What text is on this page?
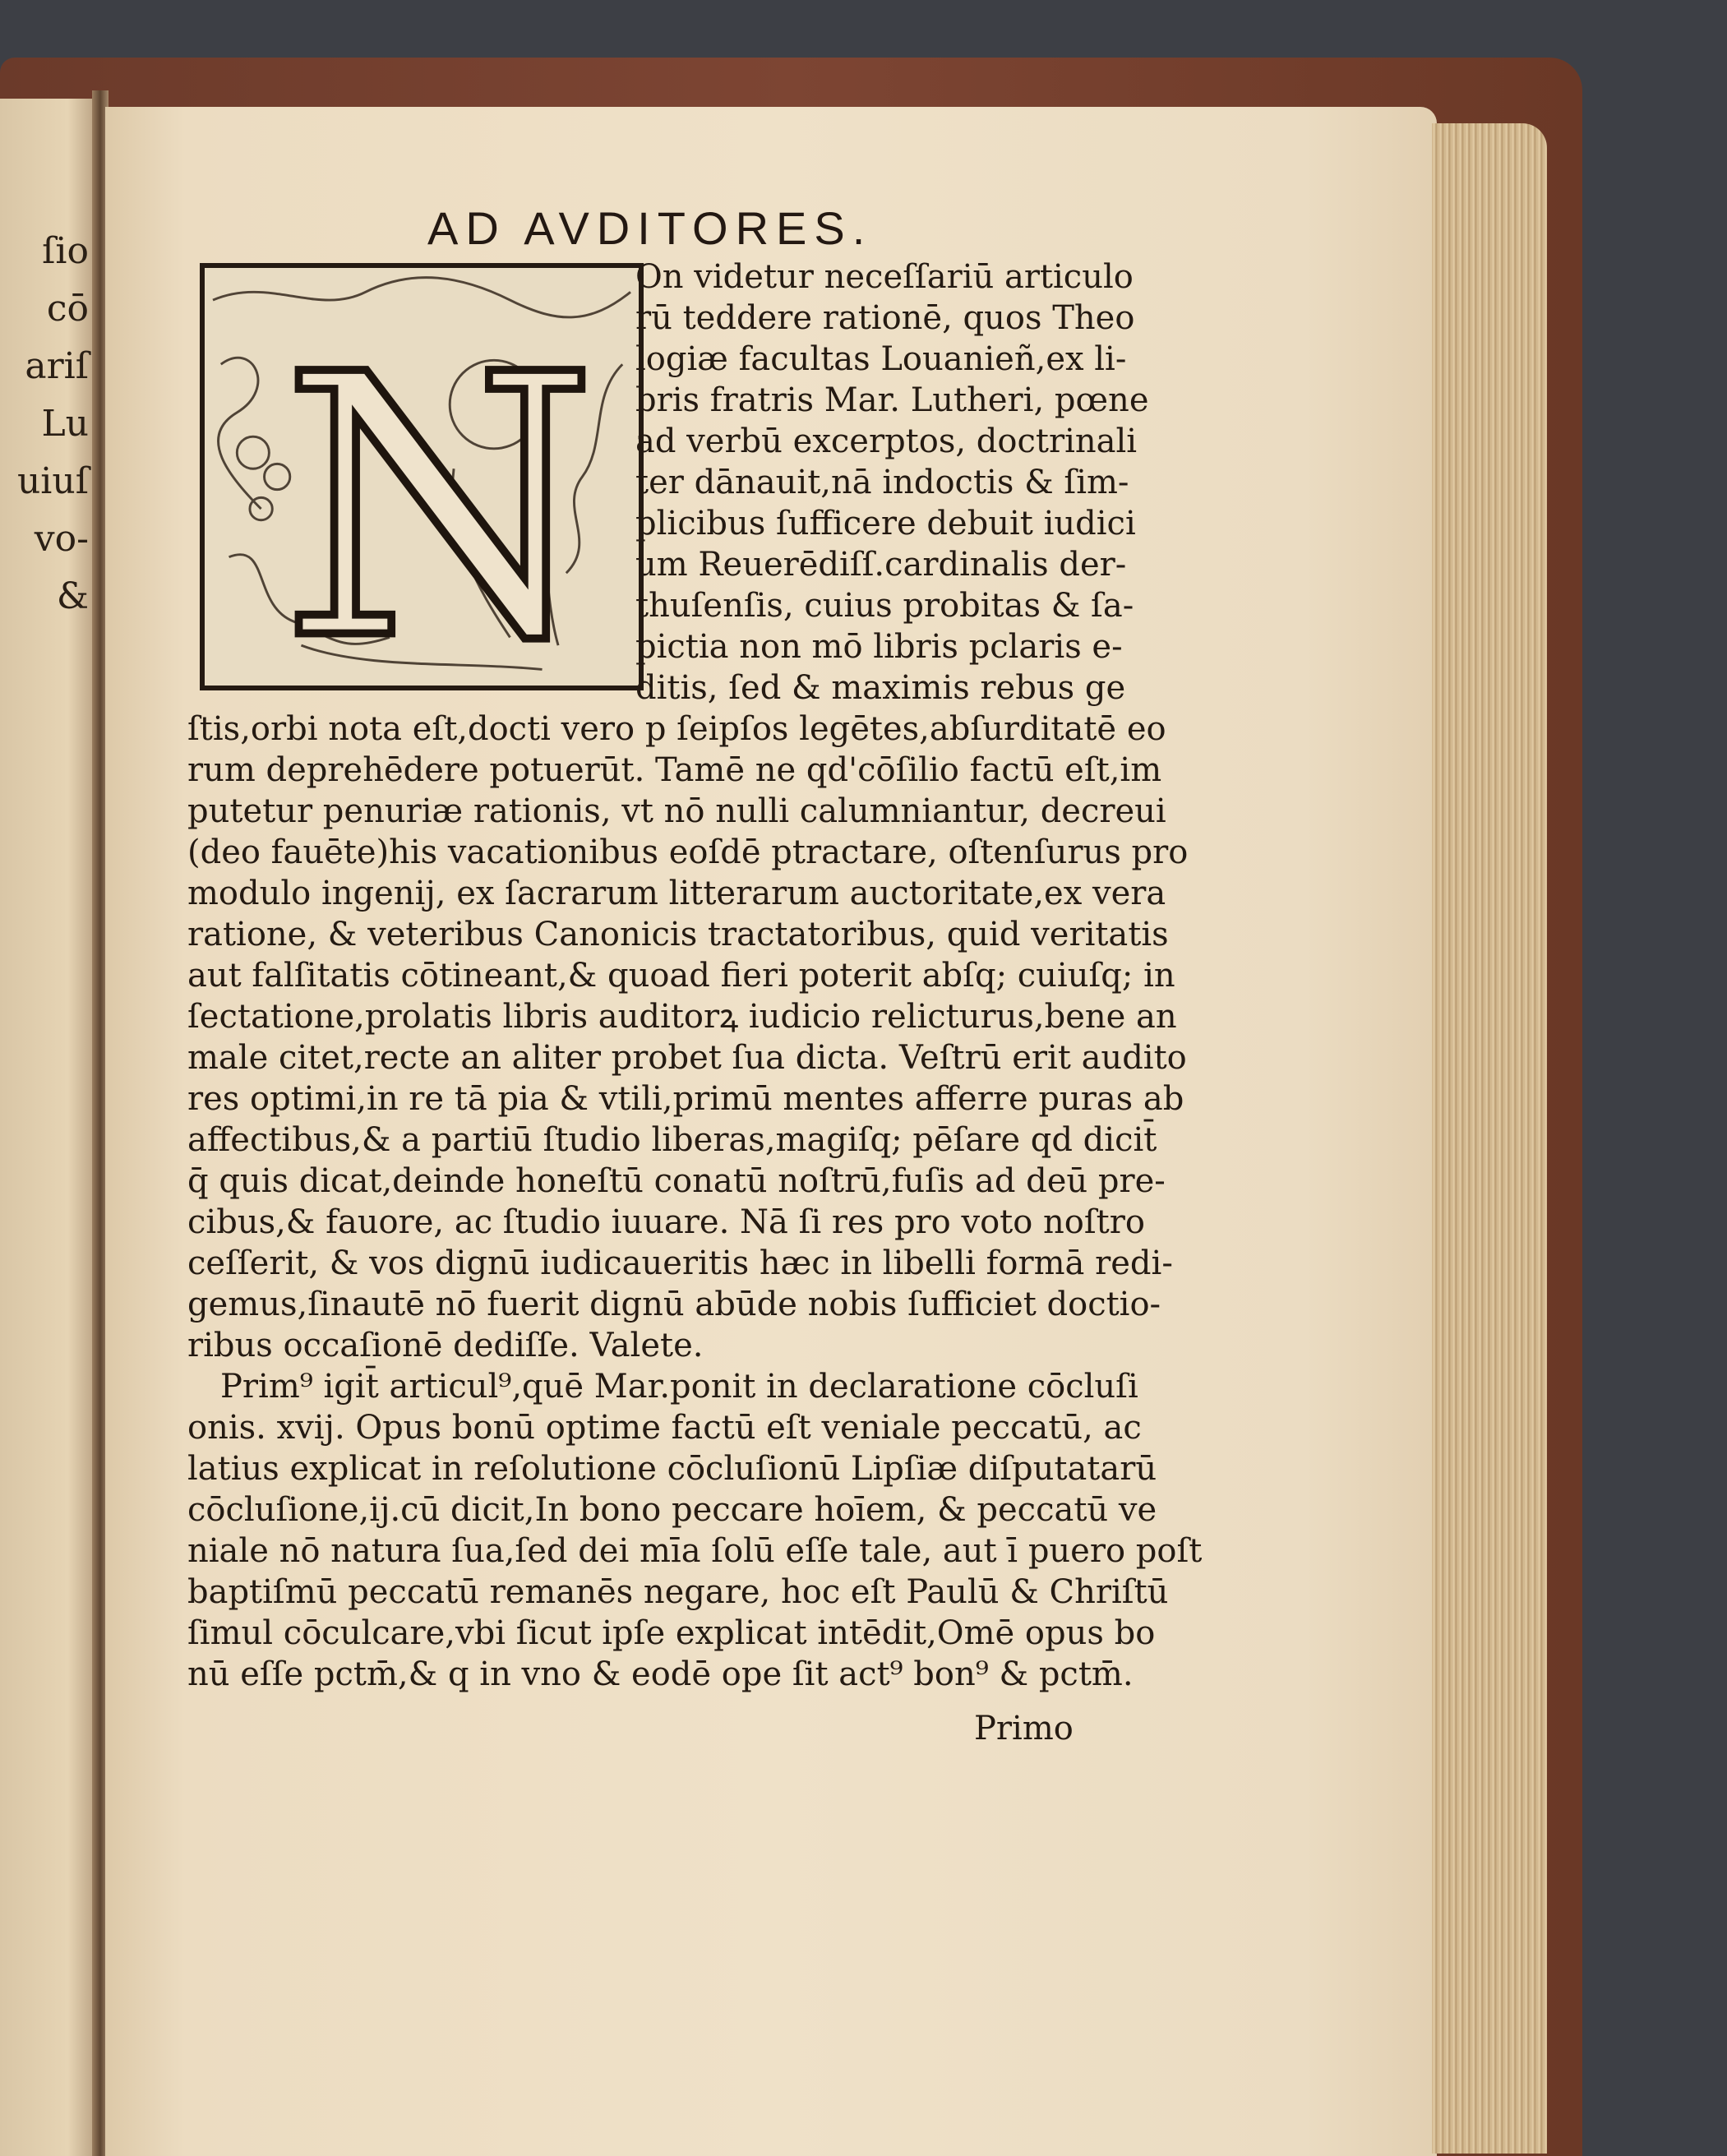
ſio
cō
ariſ
Lu
uiuſ
vo-
&
AD AVDITORES.
N
Primo
On videtur neceſſariū articulo
rū teddere rationē, quos Theo
logiæ facultas Louanieñ,ex li-
bris fratris Mar. Lutheri, pœne
ad verbū excerptos, doctrinali
ter dānauit,nā indoctis & ſim-
plicibus ſufficere debuit iudici
um Reuerēdiſſ.cardinalis der-
thuſenſis, cuius probitas & ſa-
pictia non mō libris pclaris e-
ditis, ſed & maximis rebus ge
ſtis,orbi nota eſt,docti vero p ſeipſos legētes,abſurditatē eo
rum deprehēdere potuerūt. Tamē ne qd'cōſilio factū eſt,im
putetur penuriæ rationis, vt nō nulli calumniantur, decreui
(deo fauēte)his vacationibus eoſdē ptractare, oſtenſurus pro
modulo ingenij, ex ſacrarum litterarum auctoritate,ex vera
ratione, & veteribus Canonicis tractatoribus, quid veritatis
aut falſitatis cōtineant,& quoad fieri poterit abſq; cuiuſq; in
ſectatione,prolatis libris auditorꝝ iudicio relicturus,bene an
male citet,recte an aliter probet ſua dicta. Veſtrū erit audito
res optimi,in re tā pia & vtili,primū mentes afferre puras ab
affectibus,& a partiū ſtudio liberas,magiſq; pēſare qd dicit̄
q̄ quis dicat,deinde honeſtū conatū noſtrū,fuſis ad deū pre-
cibus,& fauore, ac ſtudio iuuare. Nā ſi res pro voto noſtro
ceſſerit, & vos dignū iudicaueritis hæc in libelli formā redi-
gemus,ſinautē nō fuerit dignū abūde nobis ſufficiet doctio-
ribus occaſionē dediſſe. Valete.
Prim⁹ igit̄ articul⁹,quē Mar.ponit in declaratione cōcluſi
onis. xvij. Opus bonū optime factū eſt veniale peccatū, ac
latius explicat in reſolutione cōcluſionū Lipſiæ diſputatarū
cōcluſione,ij.cū dicit,In bono peccare hoīem, & peccatū ve
niale nō natura ſua,ſed dei mīa ſolū eſſe tale, aut ī puero poſt
baptiſmū peccatū remanēs negare, hoc eſt Paulū & Chriſtū
ſimul cōculcare,vbi ſicut ipſe explicat intēdit,Omē opus bo
nū eſſe pctm̄,& q in vno & eodē ope ſit act⁹ bon⁹ & pctm̄.
